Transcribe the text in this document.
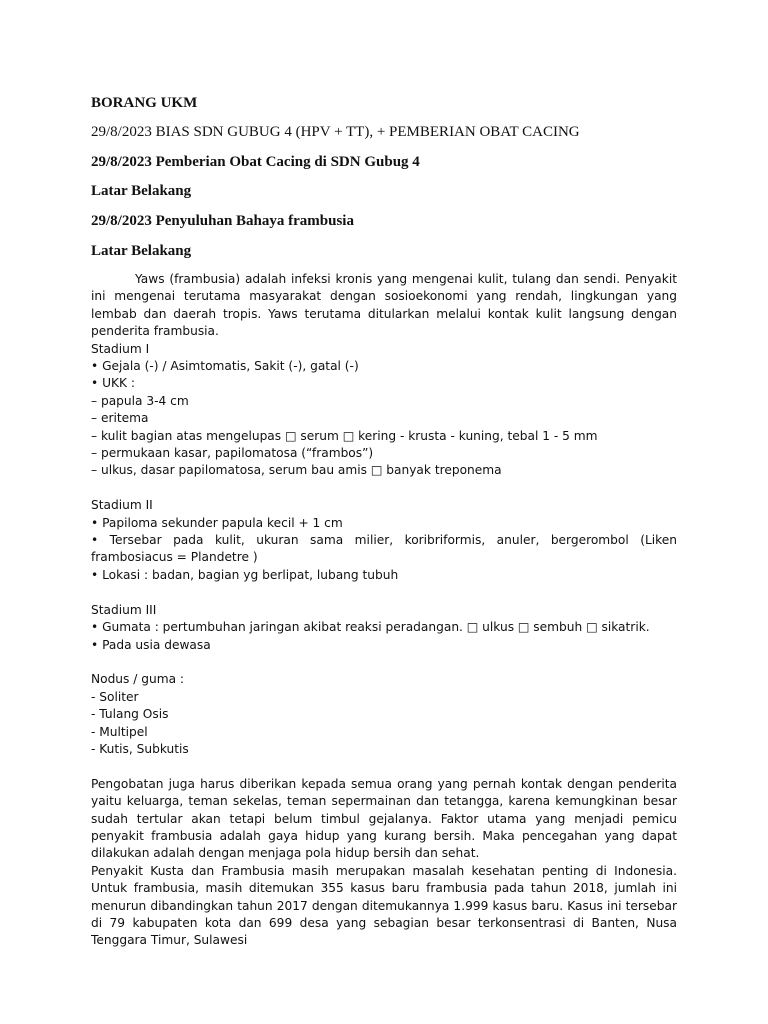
BORANG UKM
29/8/2023 BIAS SDN GUBUG 4 (HPV + TT), + PEMBERIAN OBAT CACING
29/8/2023 Pemberian Obat Cacing di SDN Gubug 4
Latar Belakang
29/8/2023 Penyuluhan Bahaya frambusia
Latar Belakang

Yaws (frambusia) adalah infeksi kronis yang mengenai kulit, tulang dan sendi. Penyakit ini mengenai terutama masyarakat dengan sosioekonomi yang rendah, lingkungan yang lembab dan daerah tropis. Yaws terutama ditularkan melalui kontak kulit langsung dengan penderita frambusia.

Stadium I

• Gejala (-) / Asimtomatis, Sakit (-), gatal (-)

• UKK :

– papula 3-4 cm

– eritema

– kulit bagian atas mengelupas □ serum □ kering - krusta - kuning, tebal 1 - 5 mm

– permukaan kasar, papilomatosa (“frambos”)

– ulkus, dasar papilomatosa, serum bau amis □ banyak treponema

Stadium II

• Papiloma sekunder papula kecil + 1 cm

• Tersebar pada kulit, ukuran sama milier, koribriformis, anuler, bergerombol (Liken frambosiacus = Plandetre )

• Lokasi : badan, bagian yg berlipat, lubang tubuh

Stadium III

• Gumata : pertumbuhan jaringan akibat reaksi peradangan. □ ulkus □ sembuh □ sikatrik.

• Pada usia dewasa

Nodus / guma :

- Soliter

- Tulang Osis

- Multipel

- Kutis, Subkutis

Pengobatan juga harus diberikan kepada semua orang yang pernah kontak dengan penderita yaitu keluarga, teman sekelas, teman sepermainan dan tetangga, karena kemungkinan besar sudah tertular akan tetapi belum timbul gejalanya. Faktor utama yang menjadi pemicu penyakit frambusia adalah gaya hidup yang kurang bersih. Maka pencegahan yang dapat dilakukan adalah dengan menjaga pola hidup bersih dan sehat.

Penyakit Kusta dan Frambusia masih merupakan masalah kesehatan penting di Indonesia. Untuk frambusia, masih ditemukan 355 kasus baru frambusia pada tahun 2018, jumlah ini menurun dibandingkan tahun 2017 dengan ditemukannya 1.999 kasus baru. Kasus ini tersebar di 79 kabupaten kota dan 699 desa yang sebagian besar terkonsentrasi di Banten, Nusa Tenggara Timur, Sulawesi
